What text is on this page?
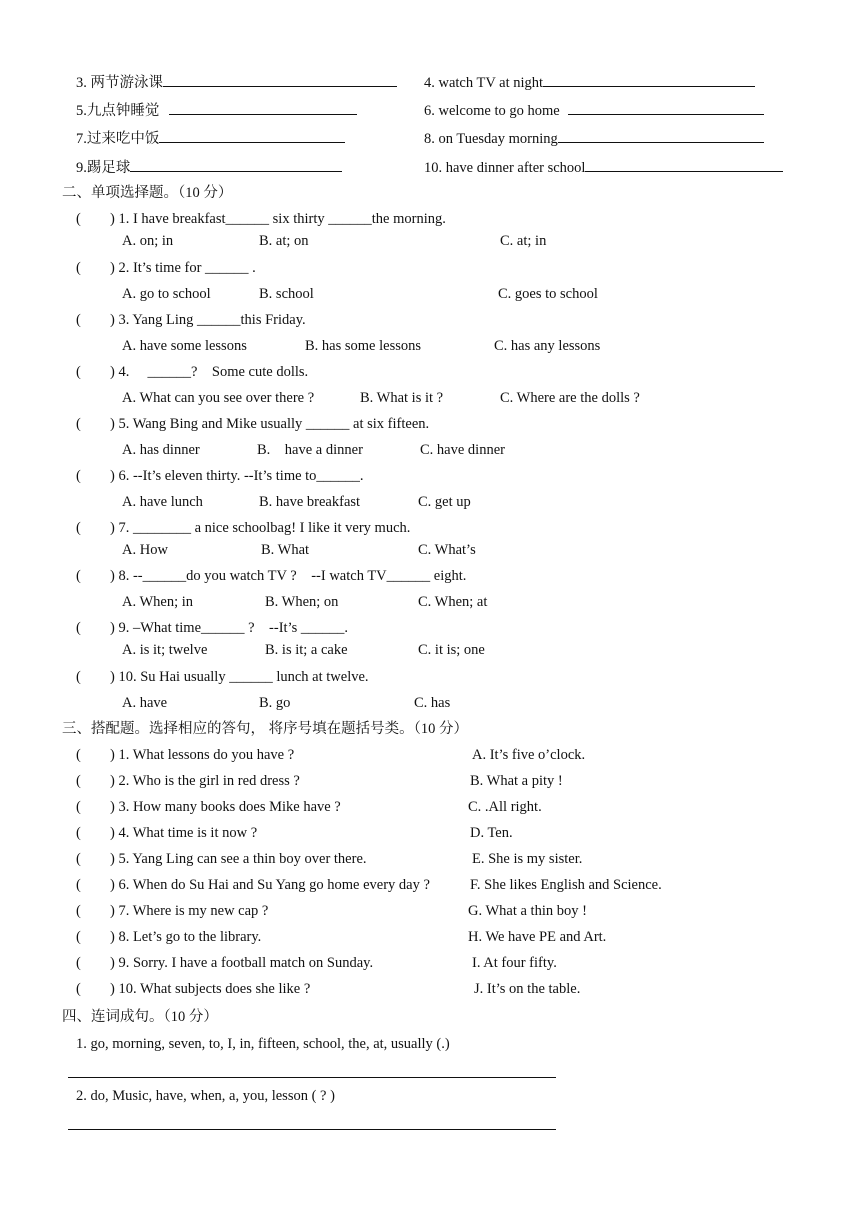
3. 两节游泳课	4. watch TV at night
5.九点钟睡觉	6. welcome to go home
7.过来吃中饭	8. on Tuesday morning
9.踢足球	10. have dinner after school
二、单项选择题。（10 分）
( ) 1. I have breakfast______ six thirty ______the morning.
A. on; in	B. at; on	C. at; in
( ) 2. It’s time for ______ .
A. go to school	B. school	C. goes to school
( ) 3. Yang Ling ______this Friday.
A. have some lessons	B. has some lessons	C. has any lessons
( ) 4.     ______?    Some cute dolls.
A. What can you see over there ?	B. What is it ?	C. Where are the dolls ?
( ) 5. Wang Bing and Mike usually ______ at six fifteen.
A. has dinner	B.    have a dinner	C. have dinner
( ) 6. --It’s eleven thirty. --It’s time to______.
A. have lunch	B. have breakfast	C. get up
( ) 7. ________ a nice schoolbag! I like it very much.
A. How	B. What	C. What’s
( ) 8. --______do you watch TV ?    --I watch TV______ eight.
A. When; in	B. When; on	C. When; at
( ) 9. –What time______ ?    --It’s ______.
A. is it; twelve	B. is it; a cake	C. it is; one
( ) 10. Su Hai usually ______ lunch at twelve.
A. have	B. go	C. has
三、搭配题。选择相应的答句， 将序号填在题括号类。（10 分）
( ) 1. What lessons do you have ?	A. It’s five o’clock.
( ) 2. Who is the girl in red dress ?	B. What a pity !
( ) 3. How many books does Mike have ?	C. .All right.
( ) 4. What time is it now ?	D. Ten.
( ) 5. Yang Ling can see a thin boy over there.	E. She is my sister.
( ) 6. When do Su Hai and Su Yang go home every day ?	F. She likes English and Science.
( ) 7. Where is my new cap ?	G. What a thin boy !
( ) 8. Let’s go to the library.	H. We have PE and Art.
( ) 9. Sorry. I have a football match on Sunday.	I. At four fifty.
( ) 10. What subjects does she like ?	J. It’s on the table.
四、连词成句。（10 分）
1. go, morning, seven, to, I, in, fifteen, school, the, at, usually (.)
2. do, Music, have, when, a, you, lesson ( ? )
